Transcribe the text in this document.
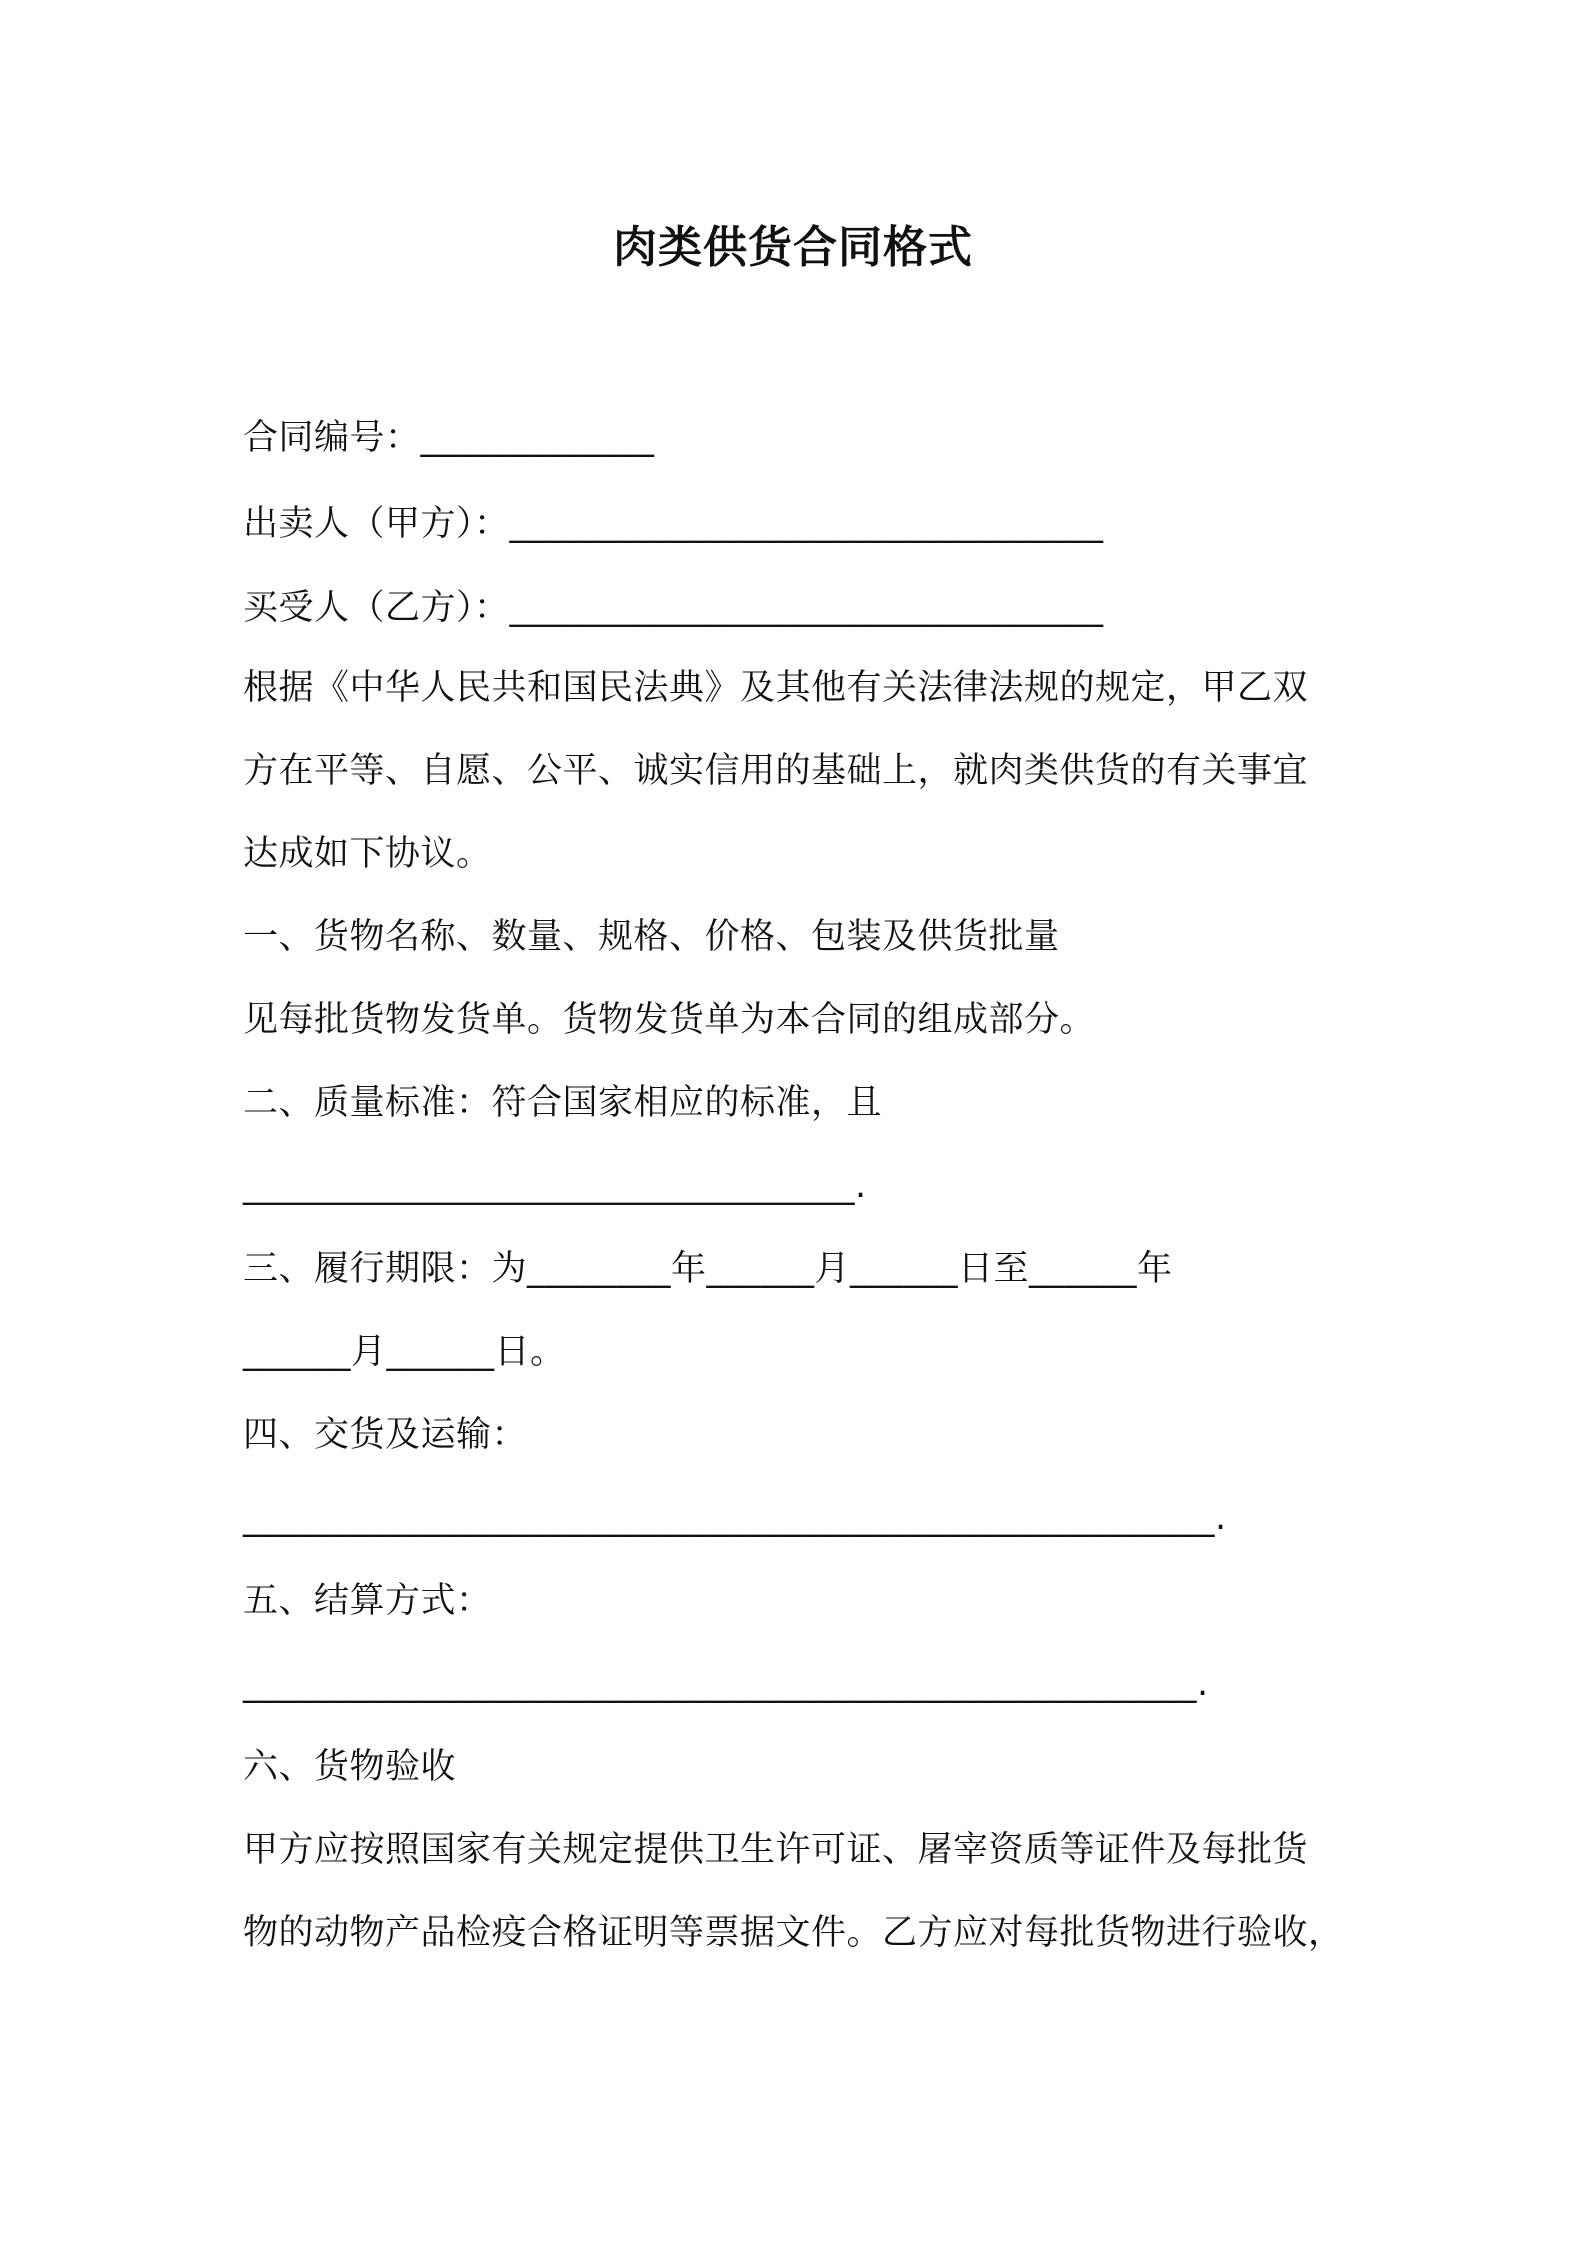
肉类供货合同格式
合同编号：_____________
出卖人（甲方）：_________________________________
买受人（乙方）：_________________________________
根据《中华人民共和国民法典》及其他有关法律法规的规定，甲乙双
方在平等、自愿、公平、诚实信用的基础上，就肉类供货的有关事宜
达成如下协议。
一、货物名称、数量、规格、价格、包装及供货批量
见每批货物发货单。货物发货单为本合同的组成部分。
二、质量标准：符合国家相应的标准，且
__________________________________.
三、履行期限：为________年______月______日至______年
______月______日。
四、交货及运输：
______________________________________________________.
五、结算方式：
_____________________________________________________.
六、货物验收
甲方应按照国家有关规定提供卫生许可证、屠宰资质等证件及每批货
物的动物产品检疫合格证明等票据文件。乙方应对每批货物进行验收，
